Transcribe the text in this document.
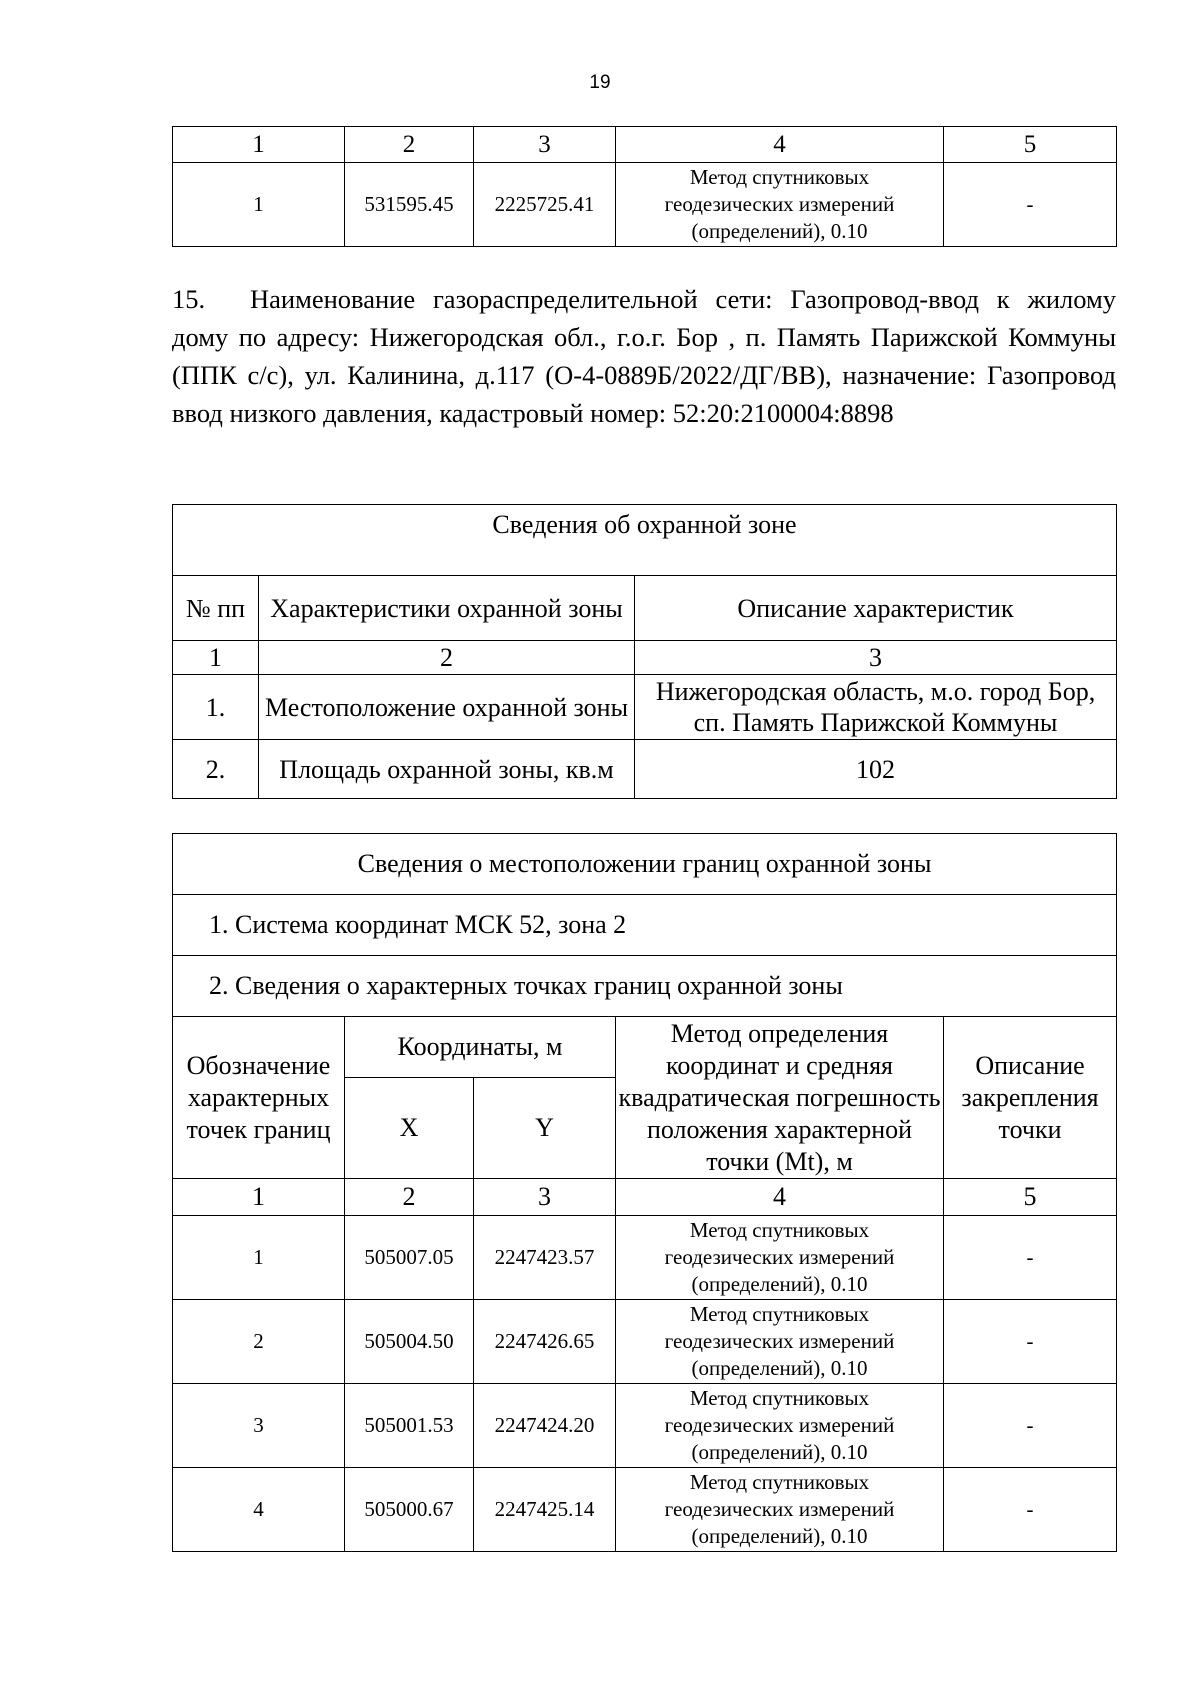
19
1	2	3	4	5
1	531595.45	2225725.41	Метод спутниковых
геодезических измерений
(определений), 0.10	-
15. Наименование газораспределительной сети: Газопровод-ввод к жилому дому по адресу: Нижегородская обл., г.о.г. Бор , п. Память Парижской Коммуны (ППК с/с), ул. Калинина, д.117 (О-4-0889Б/2022/ДГ/ВВ), назначение: Газопровод ввод низкого давления, кадастровый номер: 52:20:2100004:8898
Сведения об охранной зоне		
№ пп	Характеристики охранной зоны	Описание характеристик
1	2	3
1.	Местоположение охранной зоны	Нижегородская область, м.о. город Бор, сп. Память Парижской Коммуны
2.	Площадь охранной зоны, кв.м	102
Сведения о местоположении границ охранной зоны				
1. Система координат МСК 52, зона 2				
2. Сведения о характерных точках границ охранной зоны				
Обозначение характерных точек границ	Координаты, м		Метод определения координат и средняя квадратическая погрешность положения характерной точки (Mt), м	Описание закрепления точки
	X	Y		
1	2	3	4	5
1	505007.05	2247423.57	Метод спутниковых
геодезических измерений
(определений), 0.10	-
2	505004.50	2247426.65	Метод спутниковых
геодезических измерений
(определений), 0.10	-
3	505001.53	2247424.20	Метод спутниковых
геодезических измерений
(определений), 0.10	-
4	505000.67	2247425.14	Метод спутниковых
геодезических измерений
(определений), 0.10	-
